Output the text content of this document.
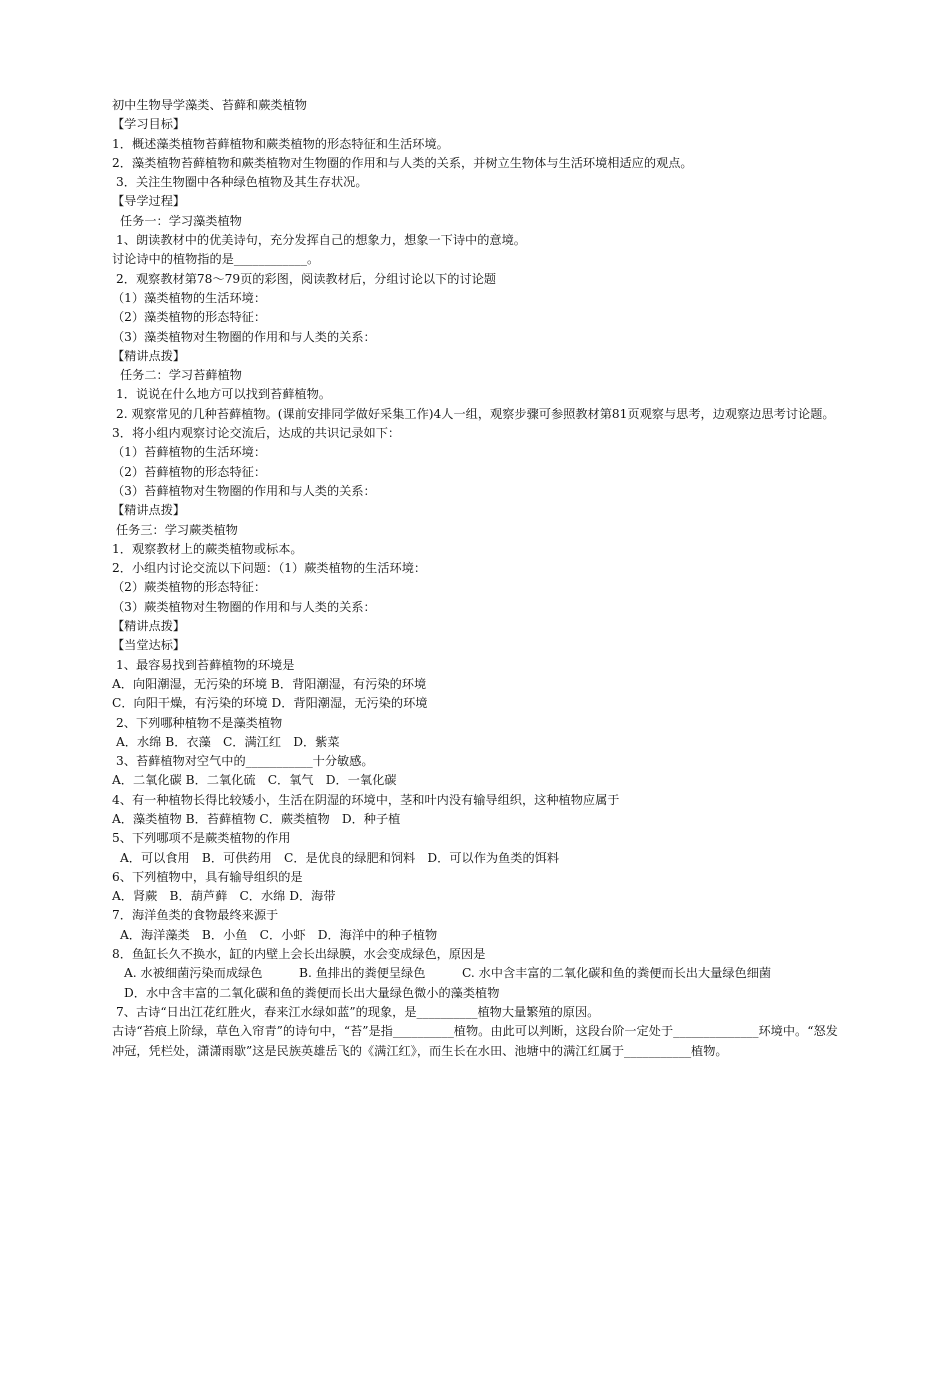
初中生物导学藻类、苔藓和蕨类植物
【学习目标】
1．概述藻类植物苔藓植物和蕨类植物的形态特征和生活环境。
2．藻类植物苔藓植物和蕨类植物对生物圈的作用和与人类的关系，并树立生物体与生活环境相适应的观点。
3．关注生物圈中各种绿色植物及其生存状况。
【导学过程】
任务一：学习藻类植物
1、朗读教材中的优美诗句，充分发挥自己的想象力，想象一下诗中的意境。
讨论诗中的植物指的是____________。
2．观察教材第78～79页的彩图，阅读教材后，分组讨论以下的讨论题
（1）藻类植物的生活环境：
（2）藻类植物的形态特征：
（3）藻类植物对生物圈的作用和与人类的关系：
【精讲点拨】
任务二：学习苔藓植物
1．说说在什么地方可以找到苔藓植物。
2. 观察常见的几种苔藓植物。(课前安排同学做好采集工作)4人一组，观察步骤可参照教材第81页观察与思考，边观察边思考讨论题。
3．将小组内观察讨论交流后，达成的共识记录如下：
（1）苔藓植物的生活环境：
（2）苔藓植物的形态特征：
（3）苔藓植物对生物圈的作用和与人类的关系：
【精讲点拨】
任务三：学习蕨类植物
1．观察教材上的蕨类植物或标本。
2．小组内讨论交流以下问题：（1）蕨类植物的生活环境：
（2）蕨类植物的形态特征：
（3）蕨类植物对生物圈的作用和与人类的关系：
【精讲点拨】
【当堂达标】
1、最容易找到苔藓植物的环境是
A．向阳潮湿，无污染的环境 B．背阳潮湿，有污染的环境
C．向阳干燥，有污染的环境 D．背阳潮湿，无污染的环境
2、下列哪种植物不是藻类植物
A．水绵 B．衣藻　C．满江红　D．紫菜
3、苔藓植物对空气中的___________十分敏感。
A．二氧化碳 B．二氧化硫　C．氧气　D．一氧化碳
4、有一种植物长得比较矮小，生活在阴湿的环境中，茎和叶内没有输导组织，这种植物应属于
A．藻类植物 B．苔藓植物 C．蕨类植物　D．种子植
5、下列哪项不是蕨类植物的作用
A．可以食用　B．可供药用　C．是优良的绿肥和饲料　D．可以作为鱼类的饵料
6、下列植物中，具有输导组织的是
A．肾蕨　B．葫芦藓　C．水绵 D．海带
7．海洋鱼类的食物最终来源于
A．海洋藻类　B．小鱼　C．小虾　D．海洋中的种子植物
8．鱼缸长久不换水，缸的内壁上会长出绿膜，水会变成绿色，原因是
A. 水被细菌污染而成绿色　　　B. 鱼排出的粪便呈绿色　　　C. 水中含丰富的二氧化碳和鱼的粪便而长出大量绿色细菌
D．水中含丰富的二氧化碳和鱼的粪便而长出大量绿色微小的藻类植物
7、古诗“日出江花红胜火，春来江水绿如蓝”的现象，是__________植物大量繁殖的原因。
古诗“苔痕上阶绿，草色入帘青”的诗句中，“苔”是指__________植物。由此可以判断，这段台阶一定处于______________环境中。“怒发冲冠，凭栏处，潇潇雨歇”这是民族英雄岳飞的《满江红》，而生长在水田、池塘中的满江红属于___________植物。
